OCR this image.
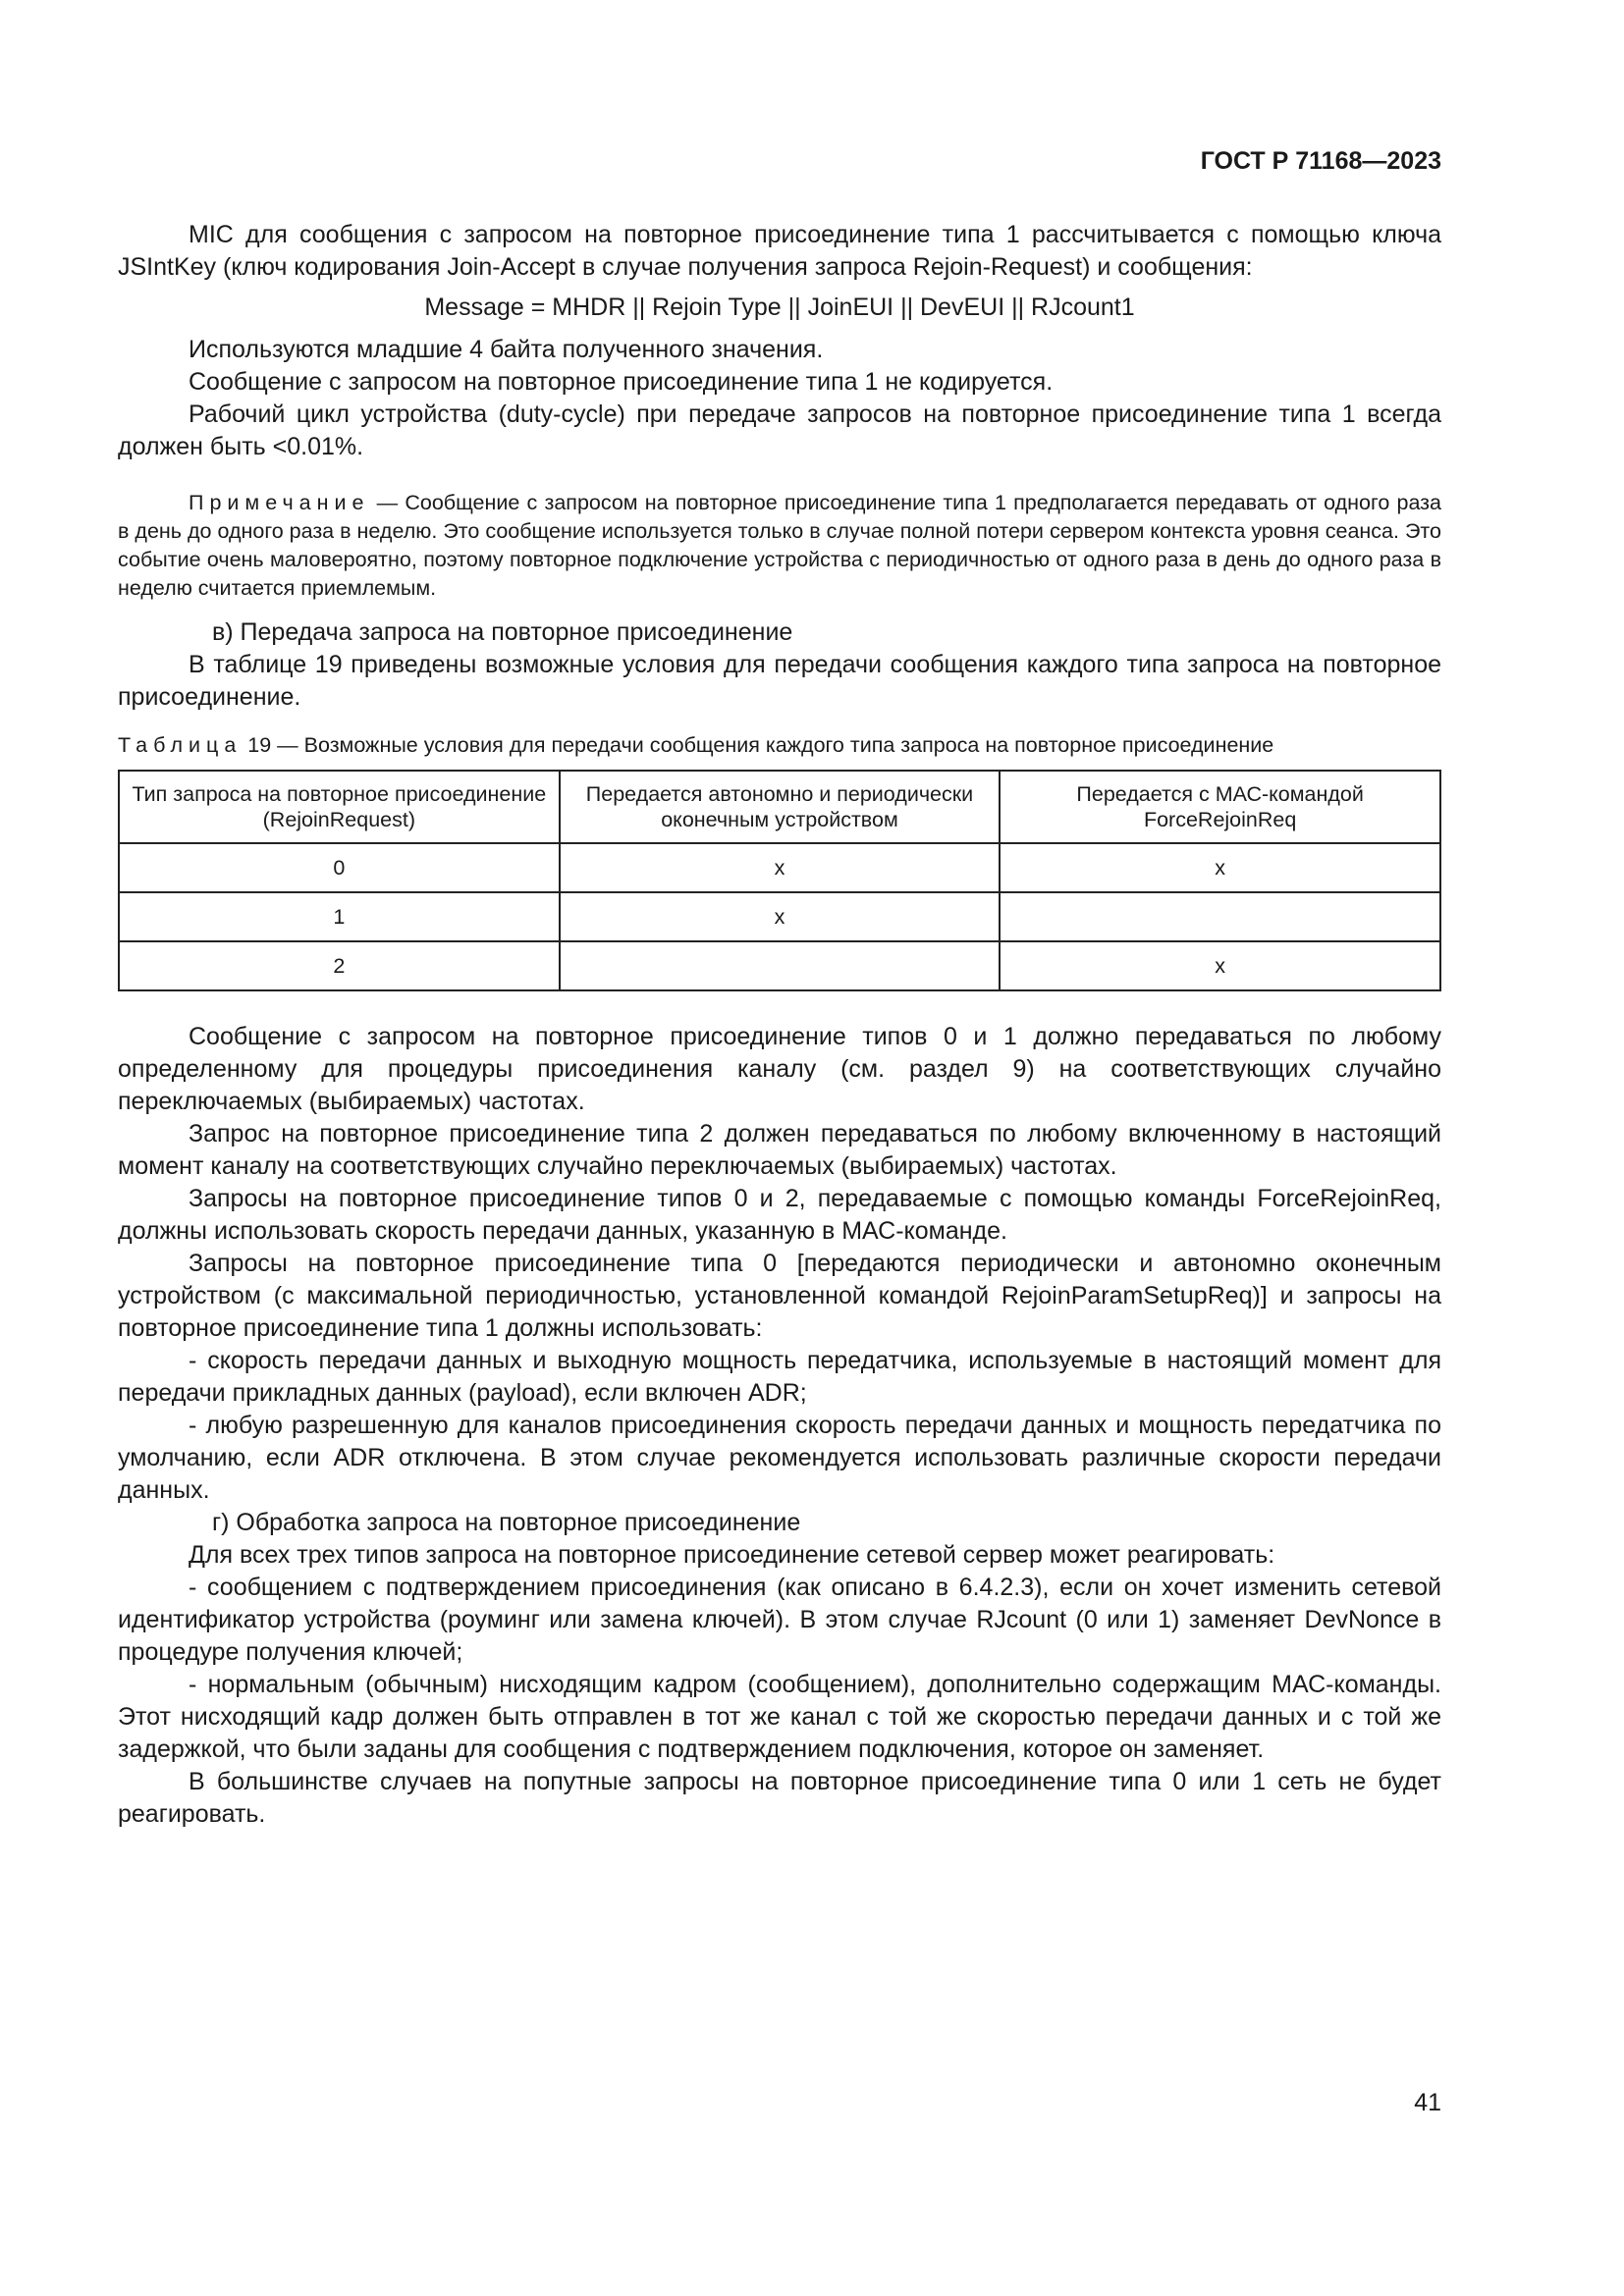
ГОСТ Р 71168—2023

MIC для сообщения с запросом на повторное присоединение типа 1 рассчитывается с помощью ключа JSIntKey (ключ кодирования Join-Accept в случае получения запроса Rejoin-Request) и сообщения:

Message = MHDR || Rejoin Type || JoinEUI || DevEUI || RJcount1

Используются младшие 4 байта полученного значения.

Сообщение с запросом на повторное присоединение типа 1 не кодируется.

Рабочий цикл устройства (duty-cycle) при передаче запросов на повторное присоединение типа 1 всегда должен быть <0.01%.

Примечание — Сообщение с запросом на повторное присоединение типа 1 предполагается передавать от одного раза в день до одного раза в неделю. Это сообщение используется только в случае полной потери сервером контекста уровня сеанса. Это событие очень маловероятно, поэтому повторное подключение устройства с периодичностью от одного раза в день до одного раза в неделю считается приемлемым.

в) Передача запроса на повторное присоединение

В таблице 19 приведены возможные условия для передачи сообщения каждого типа запроса на повторное присоединение.

Таблица 19 — Возможные условия для передачи сообщения каждого типа запроса на повторное присоединение
Тип запроса на повторное присоединение (RejoinRequest)	Передается автономно и периодически оконечным устройством	Передается с МАС-командой ForceRejoinReq
0	x	x
1	x	
2		x

Сообщение с запросом на повторное присоединение типов 0 и 1 должно передаваться по любому определенному для процедуры присоединения каналу (см. раздел 9) на соответствующих случайно переключаемых (выбираемых) частотах.

Запрос на повторное присоединение типа 2 должен передаваться по любому включенному в настоящий момент каналу на соответствующих случайно переключаемых (выбираемых) частотах.

Запросы на повторное присоединение типов 0 и 2, передаваемые с помощью команды ForceRejoinReq, должны использовать скорость передачи данных, указанную в МАС-команде.

Запросы на повторное присоединение типа 0 [передаются периодически и автономно оконечным устройством (с максимальной периодичностью, установленной командой RejoinParamSetupReq)] и запросы на повторное присоединение типа 1 должны использовать:

- скорость передачи данных и выходную мощность передатчика, используемые в настоящий момент для передачи прикладных данных (payload), если включен ADR;

- любую разрешенную для каналов присоединения скорость передачи данных и мощность передатчика по умолчанию, если ADR отключена. В этом случае рекомендуется использовать различные скорости передачи данных.

г) Обработка запроса на повторное присоединение

Для всех трех типов запроса на повторное присоединение сетевой сервер может реагировать:

- сообщением с подтверждением присоединения (как описано в 6.4.2.3), если он хочет изменить сетевой идентификатор устройства (роуминг или замена ключей). В этом случае RJcount (0 или 1) заменяет DevNonce в процедуре получения ключей;

- нормальным (обычным) нисходящим кадром (сообщением), дополнительно содержащим МАС-команды. Этот нисходящий кадр должен быть отправлен в тот же канал с той же скоростью передачи данных и с той же задержкой, что были заданы для сообщения с подтверждением подключения, которое он заменяет.

В большинстве случаев на попутные запросы на повторное присоединение типа 0 или 1 сеть не будет реагировать.

41
